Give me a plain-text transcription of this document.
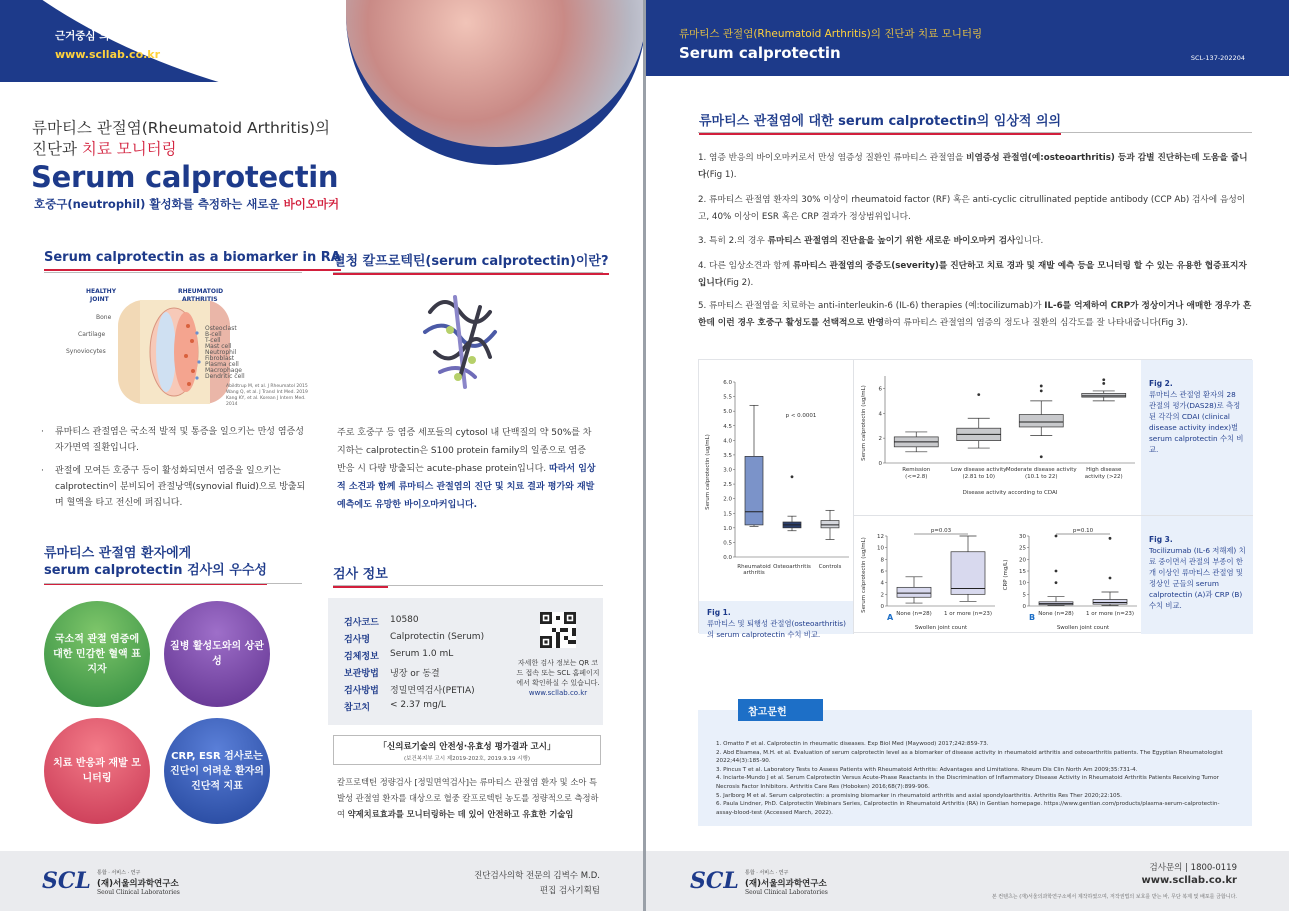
근거중심 의학의 완성
www.scllab.co.kr
류마티스 관절염(Rheumatoid Arthritis)의
진단과 치료 모니터링
Serum calprotectin
호중구(neutrophil) 활성화를 측정하는 새로운 바이오마커
Serum calprotectin as a biomarker in RA
혈청 칼프로텍틴(serum calprotectin)이란?
HEALTHY
JOINT
RHEUMATOID
ARTHRITIS
Bone
Cartilage
Synoviocytes
Osteoclast
B-cell
T-cell
Mast cell
Neutrophil
Fibroblast
Plasma cell
Macrophage
Dendritic cell
Abildtrup M, et al. J Rheumatol 2015
Wang Q, et al. J Transl Int Med. 2019
Kang KY, et al. Korean J Intern Med. 2014
· 류마티스 관절염은 국소적 발적 및 통증을 일으키는 만성 염증성 자가면역 질환입니다.
· 관절에 모여든 호중구 등이 활성화되면서 염증을 일으키는 calprotectin이 분비되어 관절낭액(synovial fluid)으로 방출되며 혈액을 타고 전신에 퍼집니다.
주로 호중구 등 염증 세포들의 cytosol 내 단백질의 약 50%를 차지하는 calprotectin은 S100 protein family의 일종으로 염증 반응 시 다량 방출되는 acute-phase protein입니다. 따라서 임상적 소견과 함께 류마티스 관절염의 진단 및 치료 결과 평가와 재발 예측에도 유망한 바이오마커입니다.
류마티스 관절염 환자에게
serum calprotectin 검사의 우수성
국소적 관절 염증에 대한 민감한 혈액 표지자
질병 활성도와의 상관성
치료 반응과 재발 모니터링
CRP, ESR 검사로는 진단이 어려운 환자의 진단적 지표
검사 정보
검사코드 10580
검사명 Calprotectin (Serum)
검체정보 Serum 1.0 mL
보관방법 냉장 or 동결
검사방법 정밀면역검사(PETIA)
참고치 < 2.37 mg/L
자세한 검사 정보는 QR 코드 접속 또는 SCL 홈페이지에서 확인하실 수 있습니다.
www.scllab.co.kr
「신의료기술의 안전성·유효성 평가결과 고시」
(보건복지부 고시 제2019-202호, 2019.9.19 시행)
칼프로텍틴 정량검사 [정밀면역검사]는 류마티스 관절염 환자 및 소아 특발성 관절염 환자를 대상으로 혈중 칼프로텍틴 농도를 정량적으로 측정하여 약제치료효과를 모니터링하는 데 있어 안전하고 유효한 기술임
SCL 통합 · 서비스 · 연구
(재)서울의과학연구소
Seoul Clinical Laboratories
진단검사의학 전문의 김벽수 M.D.
편집 검사기획팀
류마티스 관절염(Rheumatoid Arthritis)의 진단과 치료 모니터링
Serum calprotectin	SCL-137-202204
류마티스 관절염에 대한 serum calprotectin의 임상적 의의
1. 염증 반응의 바이오마커로서 만성 염증성 질환인 류마티스 관절염을 비염증성 관절염(예:osteoarthritis) 등과 감별 진단하는데 도움을 줍니다(Fig 1).
2. 류마티스 관절염 환자의 30% 이상이 rheumatoid factor (RF) 혹은 anti-cyclic citrullinated peptide antibody (CCP Ab) 검사에 음성이고, 40% 이상이 ESR 혹은 CRP 결과가 정상범위입니다.
3. 특히 2.의 경우 류마티스 관절염의 진단율을 높이기 위한 새로운 바이오마커 검사입니다.
4. 다른 임상소견과 함께 류마티스 관절염의 중증도(severity)를 진단하고 치료 경과 및 재발 예측 등을 모니터링 할 수 있는 유용한 협증표지자입니다(Fig 2).
5. 류마티스 관절염을 치료하는 anti-interleukin-6 (IL-6) therapies (예:tocilizumab)가 IL-6를 억제하여 CRP가 정상이거나 애매한 경우가 흔한데 이런 경우 호중구 활성도를 선택적으로 반영하여 류마티스 관절염의 염증의 정도나 질환의 심각도를 잘 나타내줍니다(Fig 3).
0.0
0.5
1.0
1.5
2.0
2.5
3.0
3.5
4.0
4.5
5.0
5.5
6.0
Serum calprotectin (ug/mL)
p < 0.0001
Rheumatoid arthritis
Osteoarthritis Controls
0
2
4
6
Serum calprotectin (ug/mL)
Remission (<=2.8)
Low disease activity (2.81 to 10)
Moderate disease activity (10.1 to 22)
High disease activity (>22)
Disease activity according to CDAI
0
2
4
6
8
10
12
Serum calprotectin (ug/mL)
p=0.03
None (n=28) 1 or more (n=23)
Swollen joint count
A
0
5
10
15
20
25
30
CRP (mg/L)
p=0.10
None (n=28) 1 or more (n=23)
Swollen joint count
B
Fig 1.
류마티스 및 퇴행성 관절염(osteoarthritis)의 serum calprotectin 수치 비교.
Fig 2.
류마티스 관절염 환자의 28 관절의 평가(DAS28)로 측정된 각각의 CDAI (clinical disease activity index)별 serum calprotectin 수치 비교.
Fig 3.
Tocilizumab (IL-6 저해제) 치료 중이면서 관절의 부종이 한 개 이상인 류마티스 관절염 및 정상인 군들의 serum calprotectin (A)과 CRP (B) 수치 비교.
참고문헌
1. Omatto F et al. Calprotectin in rheumatic diseases. Exp Biol Med (Maywood) 2017;242:859-73.
2. Abd Elsamea, M.H. et al. Evaluation of serum calprotectin level as a biomarker of disease activity in rheumatoid arthritis and osteoarthritis patients. The Egyptian Rheumatologist
2022;44(3):185-90.
3. Pincus T et al. Laboratory Tests to Assess Patients with Rheumatoid Arthritis: Advantages and Limitations. Rheum Dis Clin North Am 2009;35:731-4.
4. Inciarte-Mundo J et al. Serum Calprotectin Versus Acute-Phase Reactants in the Discrimination of Inflammatory Disease Activity in Rheumatoid Arthritis Patients Receiving Tumor
Necrosis Factor Inhibitors. Arthritis Care Res (Hoboken) 2016;68(7):899-906.
5. Jarlborg M et al. Serum calprotectin: a promising biomarker in rheumatoid arthritis and axial spondyloarthritis. Arthritis Res Ther 2020;22:105.
6. Paula Lindner, PhD. Calprotectin Webinars Series, Calprotectin in Rheumatoid Arthritis (RA) in Gentian homepage. https://www.gentian.com/products/plasma-serum-calprotectin-
assay-blood-test (Accessed March, 2022).
SCL 통합 · 서비스 · 연구
(재)서울의과학연구소
Seoul Clinical Laboratories
검사문의 | 1800-0119
www.scllab.co.kr
본 컨텐츠는 (재)서울의과학연구소에서 제작하였으며, 저작권법의 보호를 받는 바, 무단 복제 및 배포를 금합니다.
